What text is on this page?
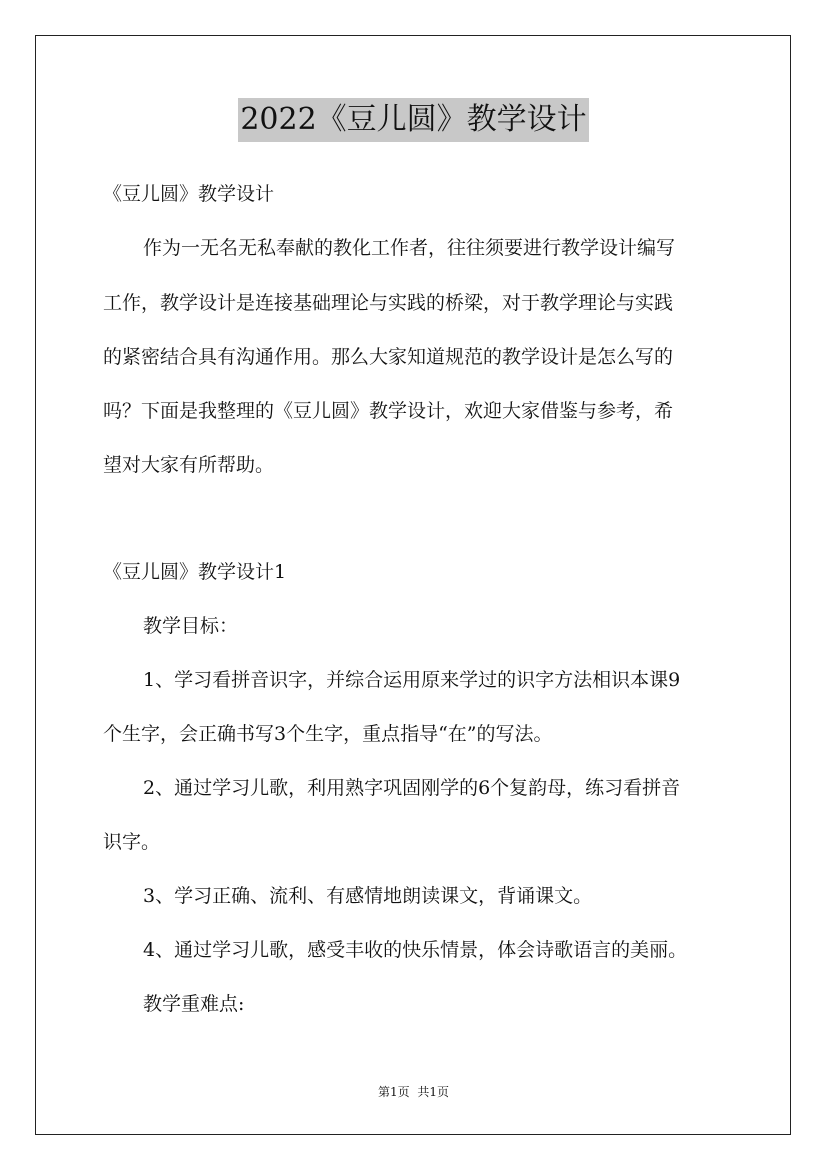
2022《豆儿圆》教学设计
《豆儿圆》教学设计
作为一无名无私奉献的教化工作者，往往须要进行教学设计编写
工作，教学设计是连接基础理论与实践的桥梁，对于教学理论与实践
的紧密结合具有沟通作用。那么大家知道规范的教学设计是怎么写的
吗？下面是我整理的《豆儿圆》教学设计，欢迎大家借鉴与参考，希
望对大家有所帮助。
《豆儿圆》教学设计1
教学目标：
1、学习看拼音识字，并综合运用原来学过的识字方法相识本课9
个生字，会正确书写3个生字，重点指导“在”的写法。
2、通过学习儿歌，利用熟字巩固刚学的6个复韵母，练习看拼音
识字。
3、学习正确、流利、有感情地朗读课文，背诵课文。
4、通过学习儿歌，感受丰收的快乐情景，体会诗歌语言的美丽。
教学重难点:
第1页 共1页
